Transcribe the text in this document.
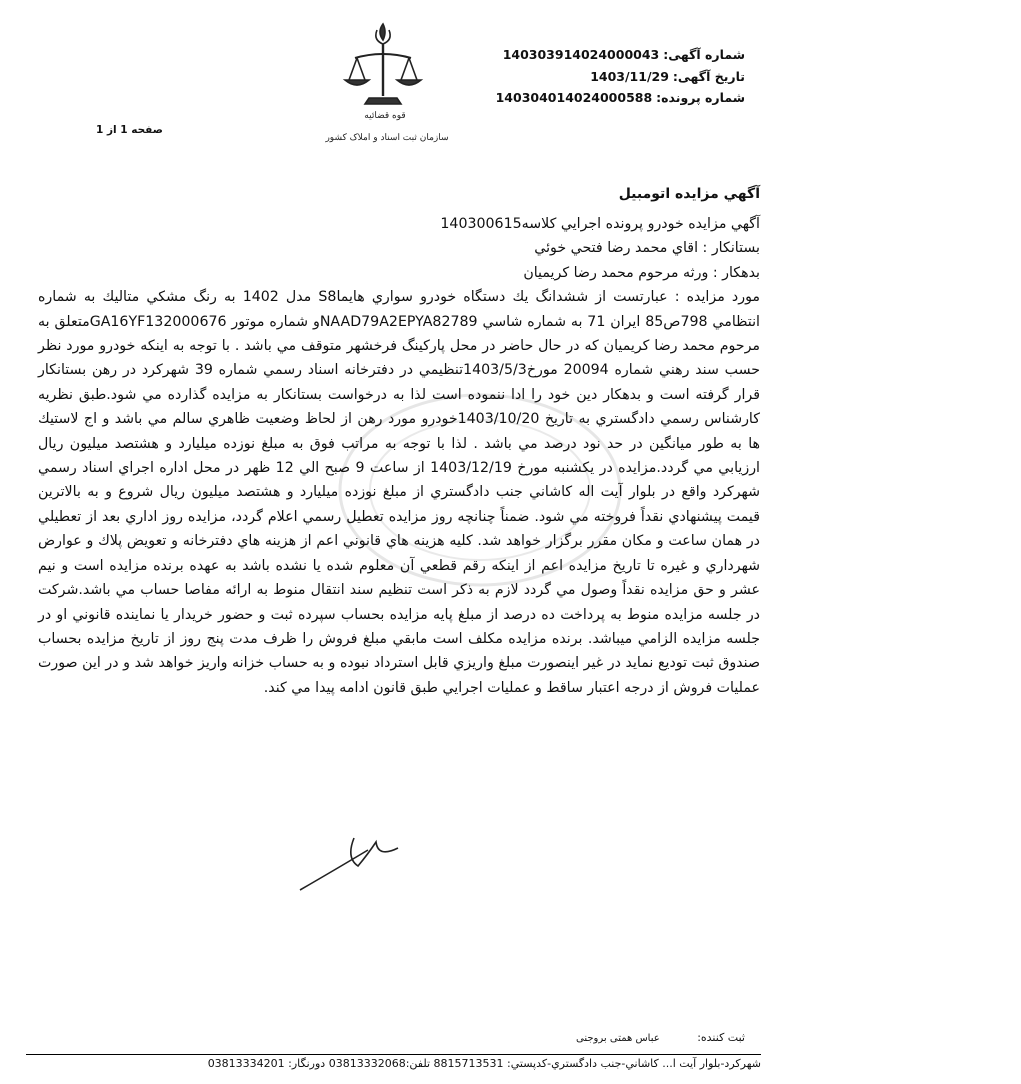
شماره آگهی:140303914024000043
تاریخ آگهی:1403/11/29
شماره پرونده:140304014024000588
قوه قضائیه
سازمان ثبت اسناد و املاک کشور
صفحه 1 از 1
آگهي مزايده اتومبيل

آگهي مزايده خودرو پرونده اجرايي كلاسه140300615

بستانكار : اقاي محمد رضا فتحي خوئي

بدهكار : ورثه مرحوم محمد رضا كريميان

مورد مزايده : عبارتست از ششدانگ يك دستگاه خودرو سواري هايماS8 مدل 1402 به رنگ مشكي متاليك به شماره انتظامي 798ص85 ايران 71 به شماره شاسي NAAD79A2EPYA82789و شماره موتور GA16YF132000676متعلق به مرحوم محمد رضا كريميان كه در حال حاضر در محل پاركينگ فرخشهر متوقف مي باشد . با توجه به اينكه خودرو مورد نظر حسب سند رهني شماره 20094 مورخ1403/5/3تنظيمي در دفترخانه اسناد رسمي شماره 39 شهركرد در رهن بستانكار قرار گرفته است و بدهكار دين خود را ادا ننموده است لذا به درخواست بستانكار به مزايده گذارده مي شود.طبق نظريه كارشناس رسمي دادگستري به تاريخ 1403/10/20خودرو مورد رهن از لحاظ وضعيت ظاهري سالم مي باشد و اج لاستيك ها به طور ميانگين در حد نود درصد مي باشد . لذا با توجه به مراتب فوق به مبلغ نوزده ميليارد و هشتصد ميليون ريال ارزيابي مي گردد.مزايده در يكشنبه مورخ 1403/12/19 از ساعت 9 صبح الي 12 ظهر در محل اداره اجراي اسناد رسمي شهركرد واقع در بلوار آيت اله كاشاني جنب دادگستري از مبلغ نوزده ميليارد و هشتصد ميليون ريال شروع و به بالاترين قيمت پيشنهادي نقداً فروخته مي شود. ضمناً چنانچه روز مزايده تعطيل رسمي اعلام گردد، مزايده روز اداري بعد از تعطيلي در همان ساعت و مكان مقرر برگزار خواهد شد. كليه هزينه هاي قانوني اعم از هزينه هاي دفترخانه و تعويض پلاك و عوارض شهرداري و غيره تا تاريخ مزايده اعم از اينكه رقم قطعي آن معلوم شده يا نشده باشد به عهده برنده مزايده است و نيم عشر و حق مزايده نقداً وصول مي گردد لازم به ذكر است تنظيم سند انتقال منوط به ارائه مفاصا حساب مي باشد.شركت در جلسه مزايده منوط به پرداخت ده درصد از مبلغ پايه مزايده بحساب سپرده ثبت و حضور خريدار يا نماينده قانوني او در جلسه مزايده الزامي ميباشد. برنده مزايده مكلف است مابقي مبلغ فروش را ظرف مدت پنج روز از تاريخ مزايده بحساب صندوق ثبت توديع نمايد در غير اينصورت مبلغ واريزي قابل استرداد نبوده و به حساب خزانه واريز خواهد شد و در اين صورت عمليات فروش از درجه اعتبار ساقط و عمليات اجرايي طبق قانون ادامه پيدا مي كند.

ثبت کننده: عباس همتی بروجنی
شهركرد-بلوار آيت ا... كاشاني-جنب دادگستري-كدپستي: 8815713531 تلفن:03813332068 دورنگار: 03813334201
